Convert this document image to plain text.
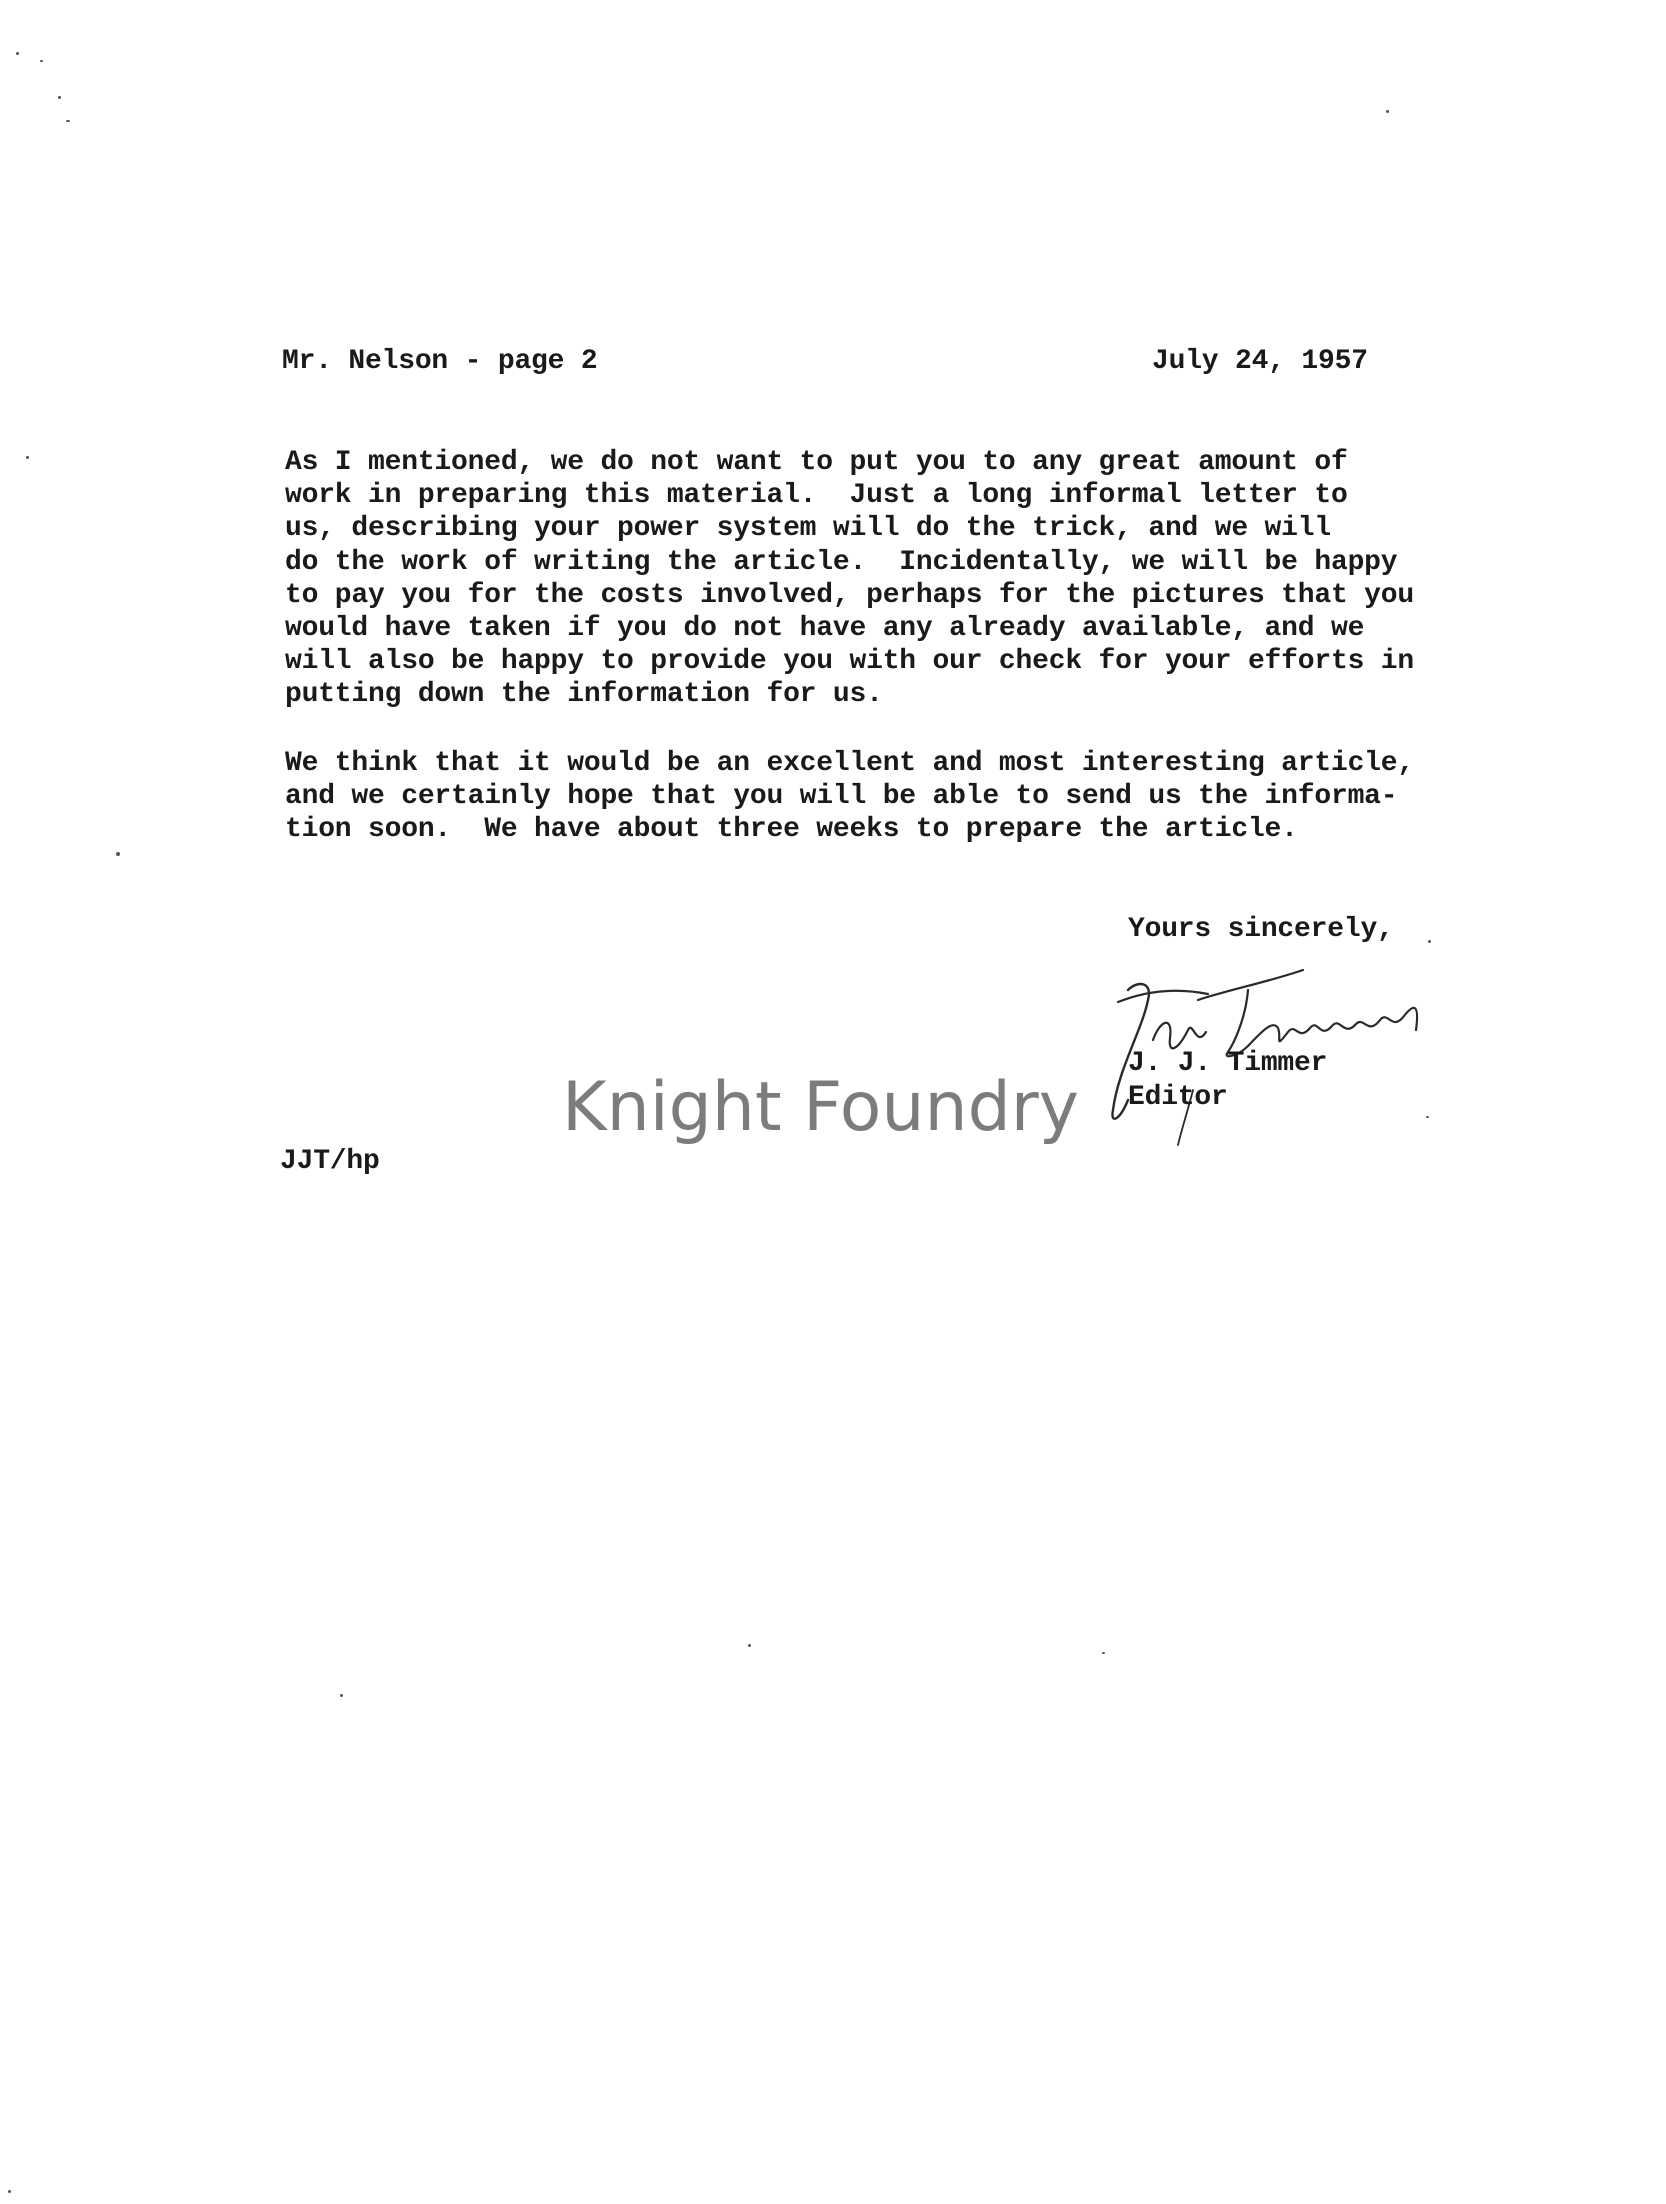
Mr. Nelson - page 2	July 24, 1957
As I mentioned, we do not want to put you to any great amount of
work in preparing this material.  Just a long informal letter to
us, describing your power system will do the trick, and we will
do the work of writing the article.  Incidentally, we will be happy
to pay you for the costs involved, perhaps for the pictures that you
would have taken if you do not have any already available, and we
will also be happy to provide you with our check for your efforts in
putting down the information for us.
We think that it would be an excellent and most interesting article,
and we certainly hope that you will be able to send us the informa-
tion soon.  We have about three weeks to prepare the article.
Yours sincerely,
J. J. Timmer
Editor
Knight Foundry
JJT/hp
